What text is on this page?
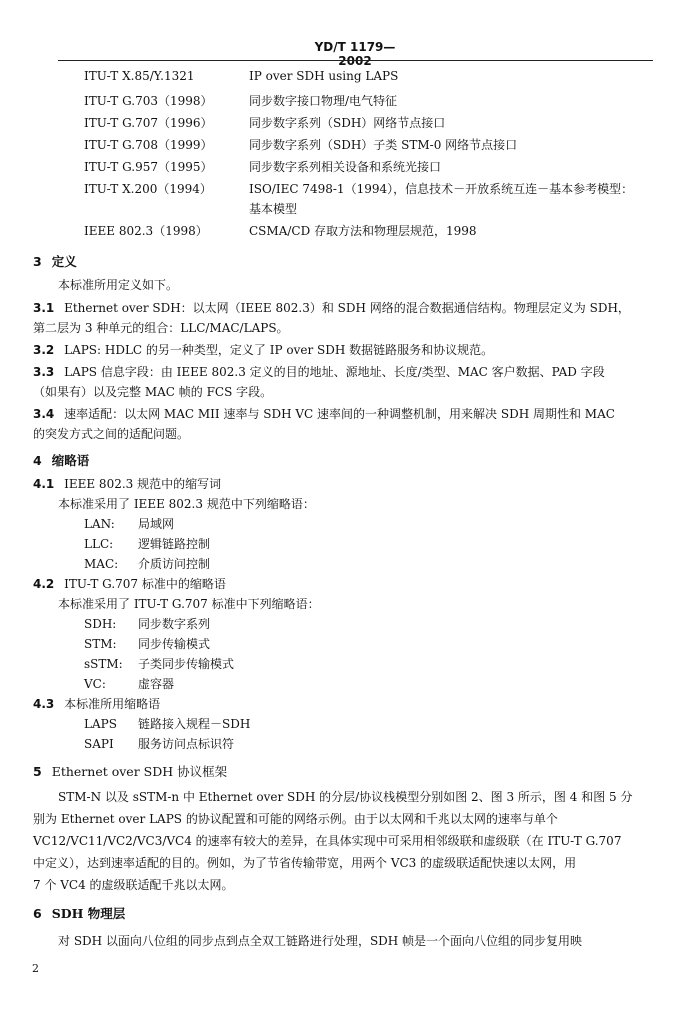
YD/T 1179—2002
ITU-T X.85/Y.1321	IP over SDH using LAPS
ITU-T G.703（1998）	同步数字接口物理/电气特征
ITU-T G.707（1996）	同步数字系列（SDH）网络节点接口
ITU-T G.708（1999）	同步数字系列（SDH）子类 STM-0 网络节点接口
ITU-T G.957（1995）	同步数字系列相关设备和系统光接口
ITU-T X.200（1994）	ISO/IEC 7498-1（1994），信息技术－开放系统互连－基本参考模型：
基本模型
IEEE 802.3（1998）	CSMA/CD 存取方法和物理层规范，1998
3 定义
本标准所用定义如下。
3.1 Ethernet over SDH：以太网（IEEE 802.3）和 SDH 网络的混合数据通信结构。物理层定义为 SDH，
第二层为 3 种单元的组合：LLC/MAC/LAPS。
3.2 LAPS: HDLC 的另一种类型，定义了 IP over SDH 数据链路服务和协议规范。
3.3 LAPS 信息字段：由 IEEE 802.3 定义的目的地址、源地址、长度/类型、MAC 客户数据、PAD 字段
（如果有）以及完整 MAC 帧的 FCS 字段。
3.4 速率适配：以太网 MAC MII 速率与 SDH VC 速率间的一种调整机制，用来解决 SDH 周期性和 MAC
的突发方式之间的适配问题。
4 缩略语
4.1 IEEE 802.3 规范中的缩写词
本标准采用了 IEEE 802.3 规范中下列缩略语：
LAN: 局域网
LLC: 逻辑链路控制
MAC: 介质访问控制
4.2 ITU-T G.707 标准中的缩略语
本标准采用了 ITU-T G.707 标准中下列缩略语：
SDH: 同步数字系列
STM: 同步传输模式
sSTM: 子类同步传输模式
VC:	虚容器
4.3 本标准所用缩略语
LAPS 链路接入规程－SDH
SAPI 服务访问点标识符
5 Ethernet over SDH 协议框架
STM-N 以及 sSTM-n 中 Ethernet over SDH 的分层/协议栈模型分别如图 2、图 3 所示，图 4 和图 5 分
别为 Ethernet over LAPS 的协议配置和可能的网络示例。由于以太网和千兆以太网的速率与单个
VC12/VC11/VC2/VC3/VC4 的速率有较大的差异，在具体实现中可采用相邻级联和虚级联（在 ITU-T G.707
中定义），达到速率适配的目的。例如，为了节省传输带宽，用两个 VC3 的虚级联适配快速以太网，用
7 个 VC4 的虚级联适配千兆以太网。
6 SDH 物理层
对 SDH 以面向八位组的同步点到点全双工链路进行处理，SDH 帧是一个面向八位组的同步复用映
2
